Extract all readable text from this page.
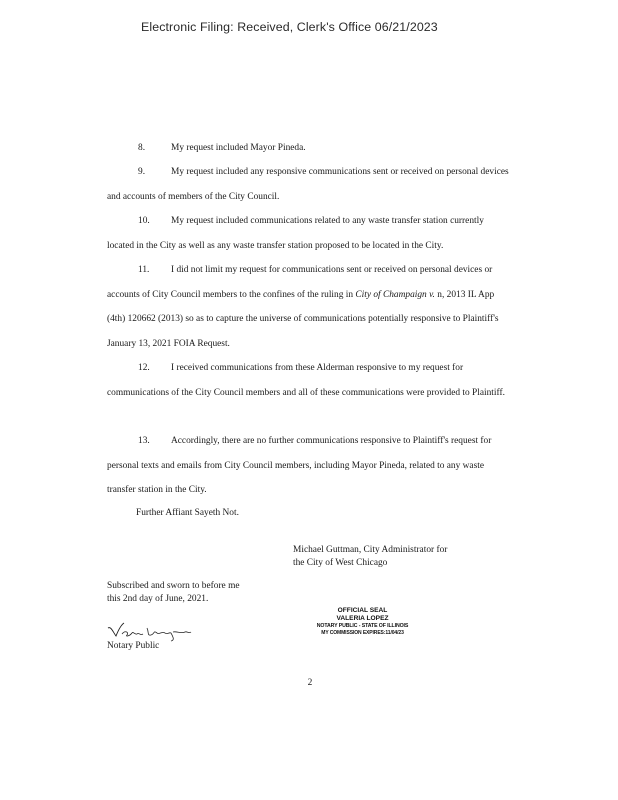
Electronic Filing: Received, Clerk's Office 06/21/2023

8.	My request included Mayor Pineda.

9.	My request included any responsive communications sent or received on personal devices and accounts of members of the City Council.

10. My request included communications related to any waste transfer station currently located in the City as well as any waste transfer station proposed to be located in the City.

11. I did not limit my request for communications sent or received on personal devices or accounts of City Council members to the confines of the ruling in City of Champaign v. n, 2013 IL App (4th) 120662 (2013) so as to capture the universe of communications potentially responsive to Plaintiff's January 13, 2021 FOIA Request.

12. I received communications from these Alderman responsive to my request for communications of the City Council members and all of these communications were provided to Plaintiff.

13. Accordingly, there are no further communications responsive to Plaintiff's request for personal texts and emails from City Council members, including Mayor Pineda, related to any waste transfer station in the City.

Further Affiant Sayeth Not.
Michael Guttman, City Administrator for
the City of West Chicago
Subscribed and sworn to before me
this 2nd day of June, 2021.
Notary Public
OFFICIAL SEAL
VALERIA LOPEZ
NOTARY PUBLIC - STATE OF ILLINOIS
MY COMMISSION EXPIRES:11/04/23
2
